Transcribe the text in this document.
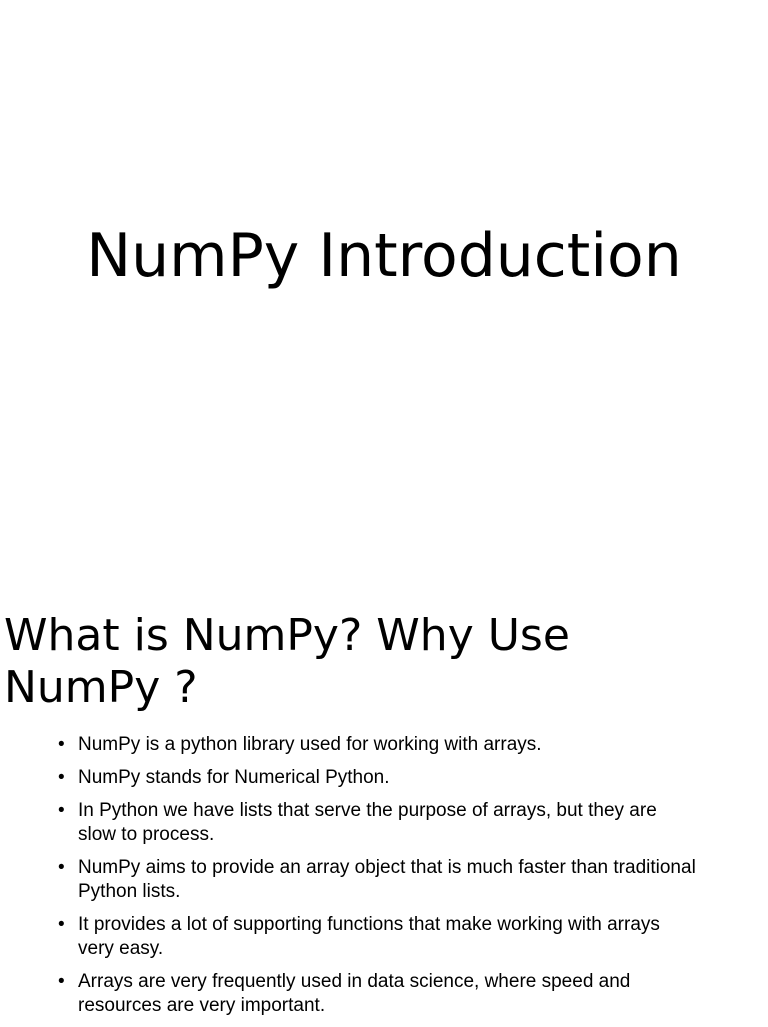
NumPy Introduction
What is NumPy? Why Use NumPy ?
• NumPy is a python library used for working with arrays.
• NumPy stands for Numerical Python.
• In Python we have lists that serve the purpose of arrays, but they are slow to process.
• NumPy aims to provide an array object that is much faster than traditional Python lists.
• It provides a lot of supporting functions that make working with arrays very easy.
• Arrays are very frequently used in data science, where speed and resources are very important.
